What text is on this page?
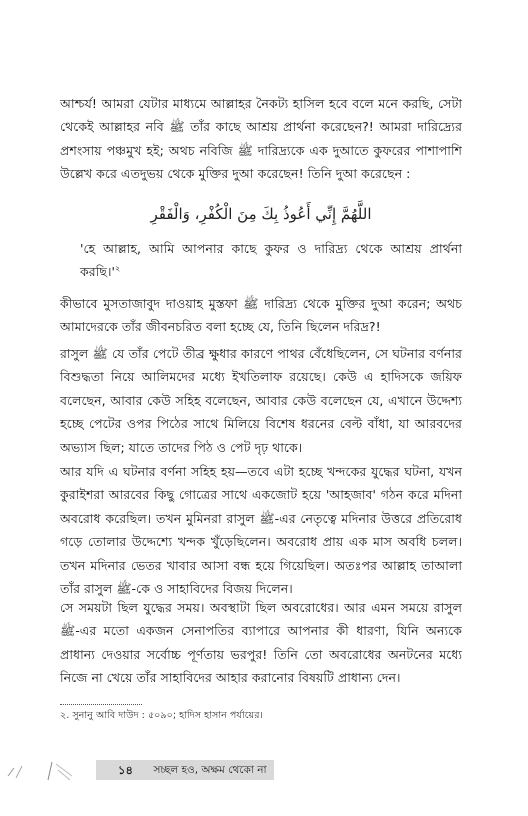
আশ্চর্য! আমরা যেটার মাধ্যমে আল্লাহর নৈকট্য হাসিল হবে বলে মনে করছি, সেটা থেকেই আল্লাহর নবি ﷺ তাঁর কাছে আশ্রয় প্রার্থনা করেছেন?! আমরা দারিদ্র্যের প্রশংসায় পঞ্চমুখ হই; অথচ নবিজি ﷺ দারিদ্র্যকে এক দুআতে কুফরের পাশাপাশি উল্লেখ করে এতদুভয় থেকে মুক্তির দুআ করেছেন! তিনি দুআ করেছেন :

اللَّهُمَّ إِنِّي أَعُوذُ بِكَ مِنَ الْكُفْرِ، وَالْفَقْرِ

'হে আল্লাহ, আমি আপনার কাছে কুফর ও দারিদ্র্য থেকে আশ্রয় প্রার্থনা $করছি।'^২$

কীভাবে মুসতাজাবুদ দাওয়াহ মুস্তফা ﷺ দারিদ্র্য থেকে মুক্তির দুআ করেন; অথচ আমাদেরকে তাঁর জীবনচরিত বলা হচ্ছে যে, তিনি ছিলেন দরিদ্র?!

রাসুল ﷺ যে তাঁর পেটে তীব্র ক্ষুধার কারণে পাথর বেঁধেছিলেন, সে ঘটনার বর্ণনার বিশুদ্ধতা নিয়ে আলিমদের মধ্যে ইখতিলাফ রয়েছে। কেউ এ হাদিসকে জয়িফ বলেছেন, আবার কেউ সহিহ বলেছেন, আবার কেউ বলেছেন যে, এখানে উদ্দেশ্য হচ্ছে পেটের ওপর পিঠের সাথে মিলিয়ে বিশেষ ধরনের বেল্ট বাঁধা, যা আরবদের অভ্যাস ছিল; যাতে তাদের পিঠ ও পেট দৃঢ় থাকে।

আর যদি এ ঘটনার বর্ণনা সহিহ হয়—তবে এটা হচ্ছে খন্দকের যুদ্ধের ঘটনা, যখন কুরাইশরা আরবের কিছু গোত্রের সাথে একজোট হয়ে 'আহজাব' গঠন করে মদিনা অবরোধ করেছিল। তখন মুমিনরা রাসুল ﷺ-এর নেতৃত্বে মদিনার উত্তরে প্রতিরোধ গড়ে তোলার উদ্দেশ্যে খন্দক খুঁড়েছিলেন। অবরোধ প্রায় এক মাস অবধি চলল। তখন মদিনার ভেতর খাবার আসা বন্ধ হয়ে গিয়েছিল। অতঃপর আল্লাহ তাআলা তাঁর রাসুল ﷺ-কে ও সাহাবিদের বিজয় দিলেন।

সে সময়টা ছিল যুদ্ধের সময়। অবস্থাটা ছিল অবরোধের। আর এমন সময়ে রাসুল ﷺ-এর মতো একজন সেনাপতির ব্যাপারে আপনার কী ধারণা, যিনি অন্যকে প্রাধান্য দেওয়ার সর্বোচ্চ পূর্ণতায় ভরপুর! তিনি তো অবরোধের অনটনের মধ্যে নিজে না খেয়ে তাঁর সাহাবিদের আহার করানোর বিষয়টি প্রাধান্য দেন।

২. সুনানু আবি দাউদ : ৫০৯০; হাদিস হাসান পর্যায়ের।
১৪	সচ্ছল হও, অক্ষম থেকো না
